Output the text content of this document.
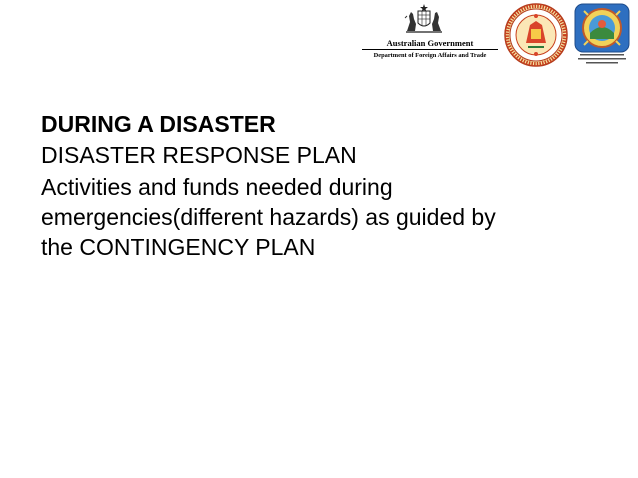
Australian Government
Department of Foreign Affairs and Trade

DURING A DISASTER

DISASTER RESPONSE PLAN

Activities and funds needed during
emergencies(different hazards) as guided by
the CONTINGENCY PLAN
